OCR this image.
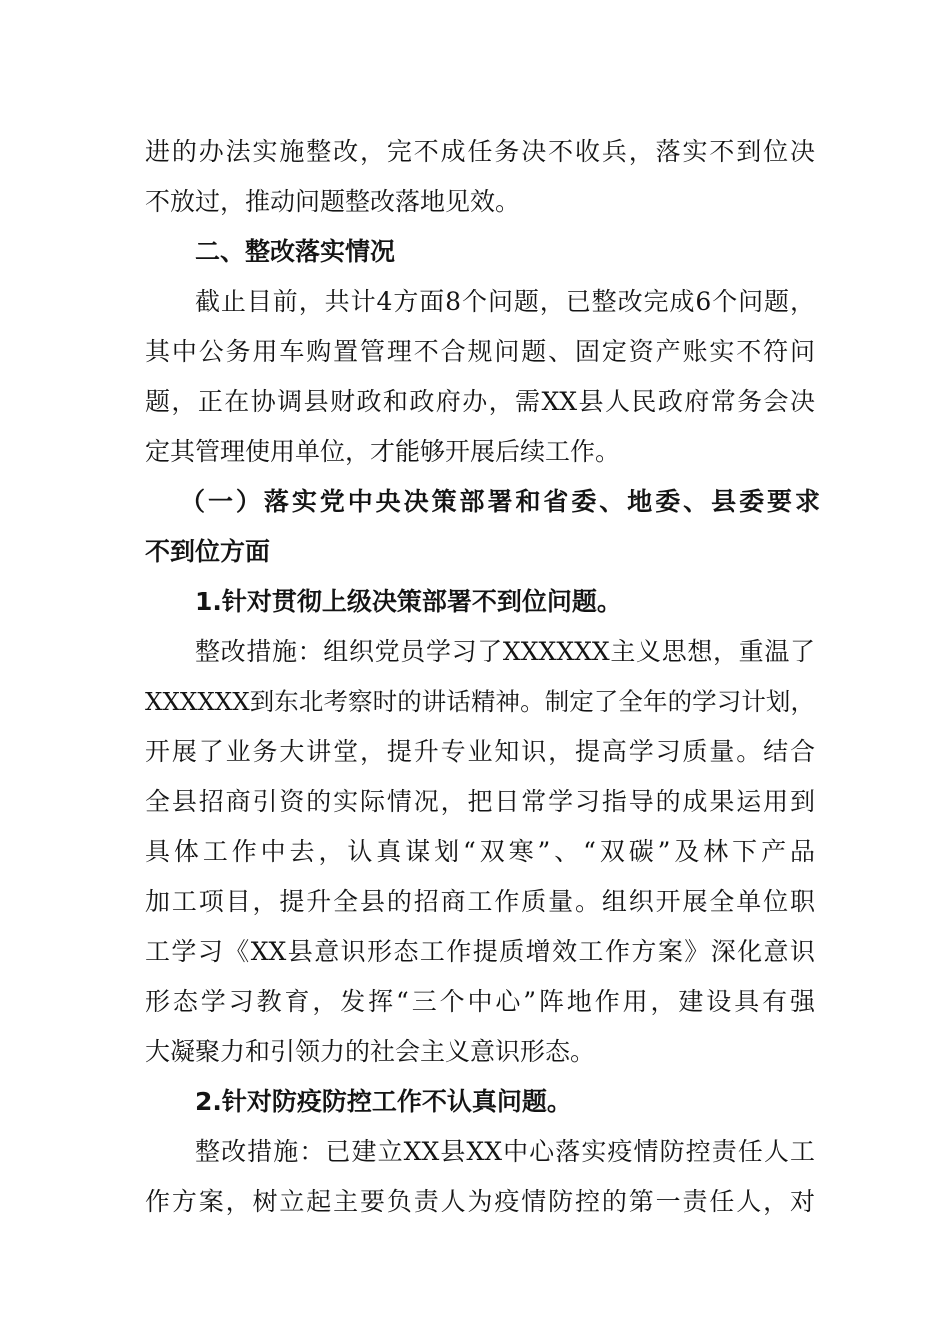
进的办法实施整改，完不成任务决不收兵，落实不到位决
不放过，推动问题整改落地见效。
二、整改落实情况
截止目前，共计4方面8个问题，已整改完成6个问题，
其中公务用车购置管理不合规问题、固定资产账实不符问
题，正在协调县财政和政府办，需XX县人民政府常务会决
定其管理使用单位，才能够开展后续工作。
（一）落实党中央决策部署和省委、地委、县委要求
不到位方面
1.针对贯彻上级决策部署不到位问题。
整改措施：组织党员学习了XXXXXX主义思想，重温了
XXXXXX到东北考察时的讲话精神。制定了全年的学习计划，
开展了业务大讲堂，提升专业知识，提高学习质量。结合
全县招商引资的实际情况，把日常学习指导的成果运用到
具体工作中去，认真谋划“双寒”、“双碳”及林下产品
加工项目，提升全县的招商工作质量。组织开展全单位职
工学习《XX县意识形态工作提质增效工作方案》深化意识
形态学习教育，发挥“三个中心”阵地作用，建设具有强
大凝聚力和引领力的社会主义意识形态。
2.针对防疫防控工作不认真问题。
整改措施：已建立XX县XX中心落实疫情防控责任人工
作方案，树立起主要负责人为疫情防控的第一责任人，对
